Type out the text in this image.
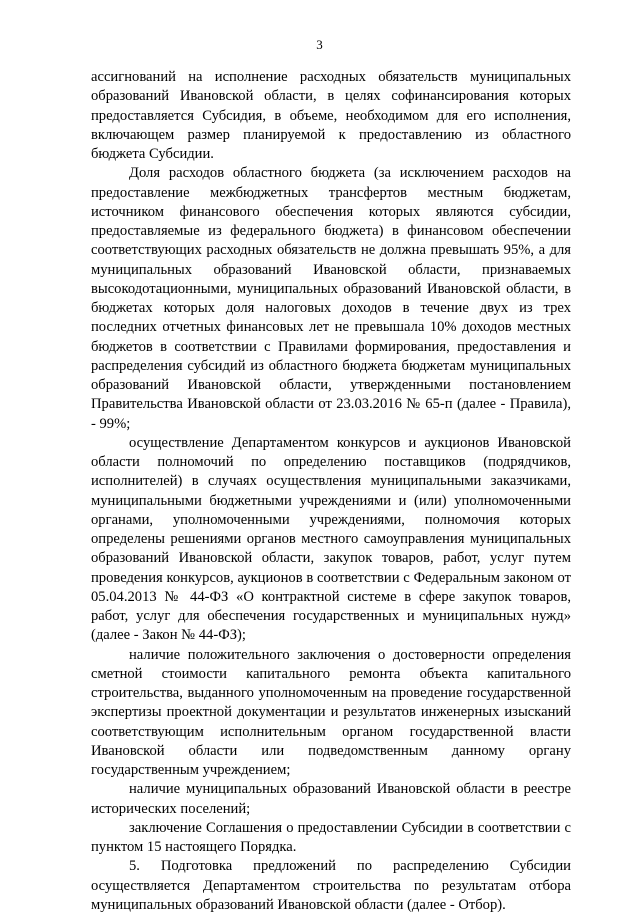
3

ассигнований на исполнение расходных обязательств муниципальных образований Ивановской области, в целях софинансирования которых предоставляется Субсидия, в объеме, необходимом для его исполнения, включающем размер планируемой к предоставлению из областного бюджета Субсидии.

Доля расходов областного бюджета (за исключением расходов на предоставление межбюджетных трансфертов местным бюджетам, источником финансового обеспечения которых являются субсидии, предоставляемые из федерального бюджета) в финансовом обеспечении соответствующих расходных обязательств не должна превышать 95%, а для муниципальных образований Ивановской области, признаваемых высокодотационными, муниципальных образований Ивановской области, в бюджетах которых доля налоговых доходов в течение двух из трех последних отчетных финансовых лет не превышала 10% доходов местных бюджетов в соответствии с Правилами формирования, предоставления и распределения субсидий из областного бюджета бюджетам муниципальных образований Ивановской области, утвержденными постановлением Правительства Ивановской области от 23.03.2016 № 65-п (далее - Правила), - 99%;

осуществление Департаментом конкурсов и аукционов Ивановской области полномочий по определению поставщиков (подрядчиков, исполнителей) в случаях осуществления муниципальными заказчиками, муниципальными бюджетными учреждениями и (или) уполномоченными органами, уполномоченными учреждениями, полномочия которых определены решениями органов местного самоуправления муниципальных образований Ивановской области, закупок товаров, работ, услуг путем проведения конкурсов, аукционов в соответствии с Федеральным законом от 05.04.2013 № 44-ФЗ «О контрактной системе в сфере закупок товаров, работ, услуг для обеспечения государственных и муниципальных нужд» (далее - Закон № 44-ФЗ);

наличие положительного заключения о достоверности определения сметной стоимости капитального ремонта объекта капитального строительства, выданного уполномоченным на проведение государственной экспертизы проектной документации и результатов инженерных изысканий соответствующим исполнительным органом государственной власти Ивановской области или подведомственным данному органу государственным учреждением;

наличие муниципальных образований Ивановской области в реестре исторических поселений;

заключение Соглашения о предоставлении Субсидии в соответствии с пунктом 15 настоящего Порядка.

5. Подготовка предложений по распределению Субсидии осуществляется Департаментом строительства по результатам отбора муниципальных образований Ивановской области (далее - Отбор).
